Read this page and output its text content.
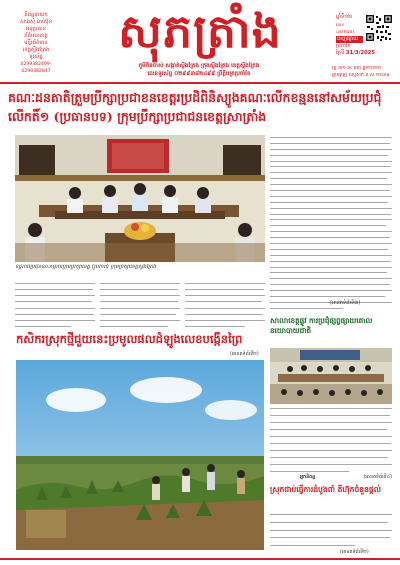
និពន្ធនាយក
សាងសុំ ឆាប់ប៊ុន
អនុប្រធាន
ព័ត៌មានខេត្ត
មន្ទីរព័ត៌មាន
ខេត្តស្ទឹងត្រែង
ទូរស័ព្ទ
0299382499-0299382847
សុភត្រាំង
ភូមិចិនចាស់ សង្កាត់ស្ទឹងត្រែង ក្រុងស្ទឹងត្រែង ខេត្តស្ទឹងត្រែង
លេខទូរស័ព្ទ ០២៩៩៣៨២៤៩៩ ព្រឹត្តិបត្រប្រចាំខែ
ឆ្នាំទី១២
លេខ ៤៥(២៩៥)
ចេញផ្សាយ
ប្រចាំខែ
ថ្ងៃទី 31/3/2025
ថ្ងៃ ៣១ ខែ មីនា ឆ្នាំ២០២៥
ឆ្នាំម្សាញ់ សប្តស័ក ព.ស ២៥៦៨
គណៈដនតាតិត្រួមប្រីក្សាប្រជាខនខេត្តរប្រដិពិនិស្យូងគណៈលើកខន្មននៅសម័យប្រជុំលើកតិ៍១ (ប្រធានបទ) ក្រុមប្រឹក្សាប្រជាជនខេត្តស្រាត្រាំង
ទិដ្ឋភាពប្រជុំគណៈកម្មការក្រុមប្រឹក្សាខេត្ត (រូបភាព) ក្រុមប្រឹក្សាខេត្តស្ទឹងត្រែង
(អានតទំព័រទី៣)
កសិករស្រុកថ្មីជួយនេះប្រមូលផលដំឡូងលេខបង្កើនព្រៃ
(អានតទំព័រទី២)
សាលាខេត្តផ្លូវ ការប្រជុំផ្សព្វផ្សាយគោលនយោបាយជាតិ
អ្នកនិពន្ធ	(អានតទំព័រទី៤)
ស្រុកជាប់ធ្វើការដំបូងពាំ តីហ៊ុកចំនួនផ្តល់
(អានតទំព័រទី២)
